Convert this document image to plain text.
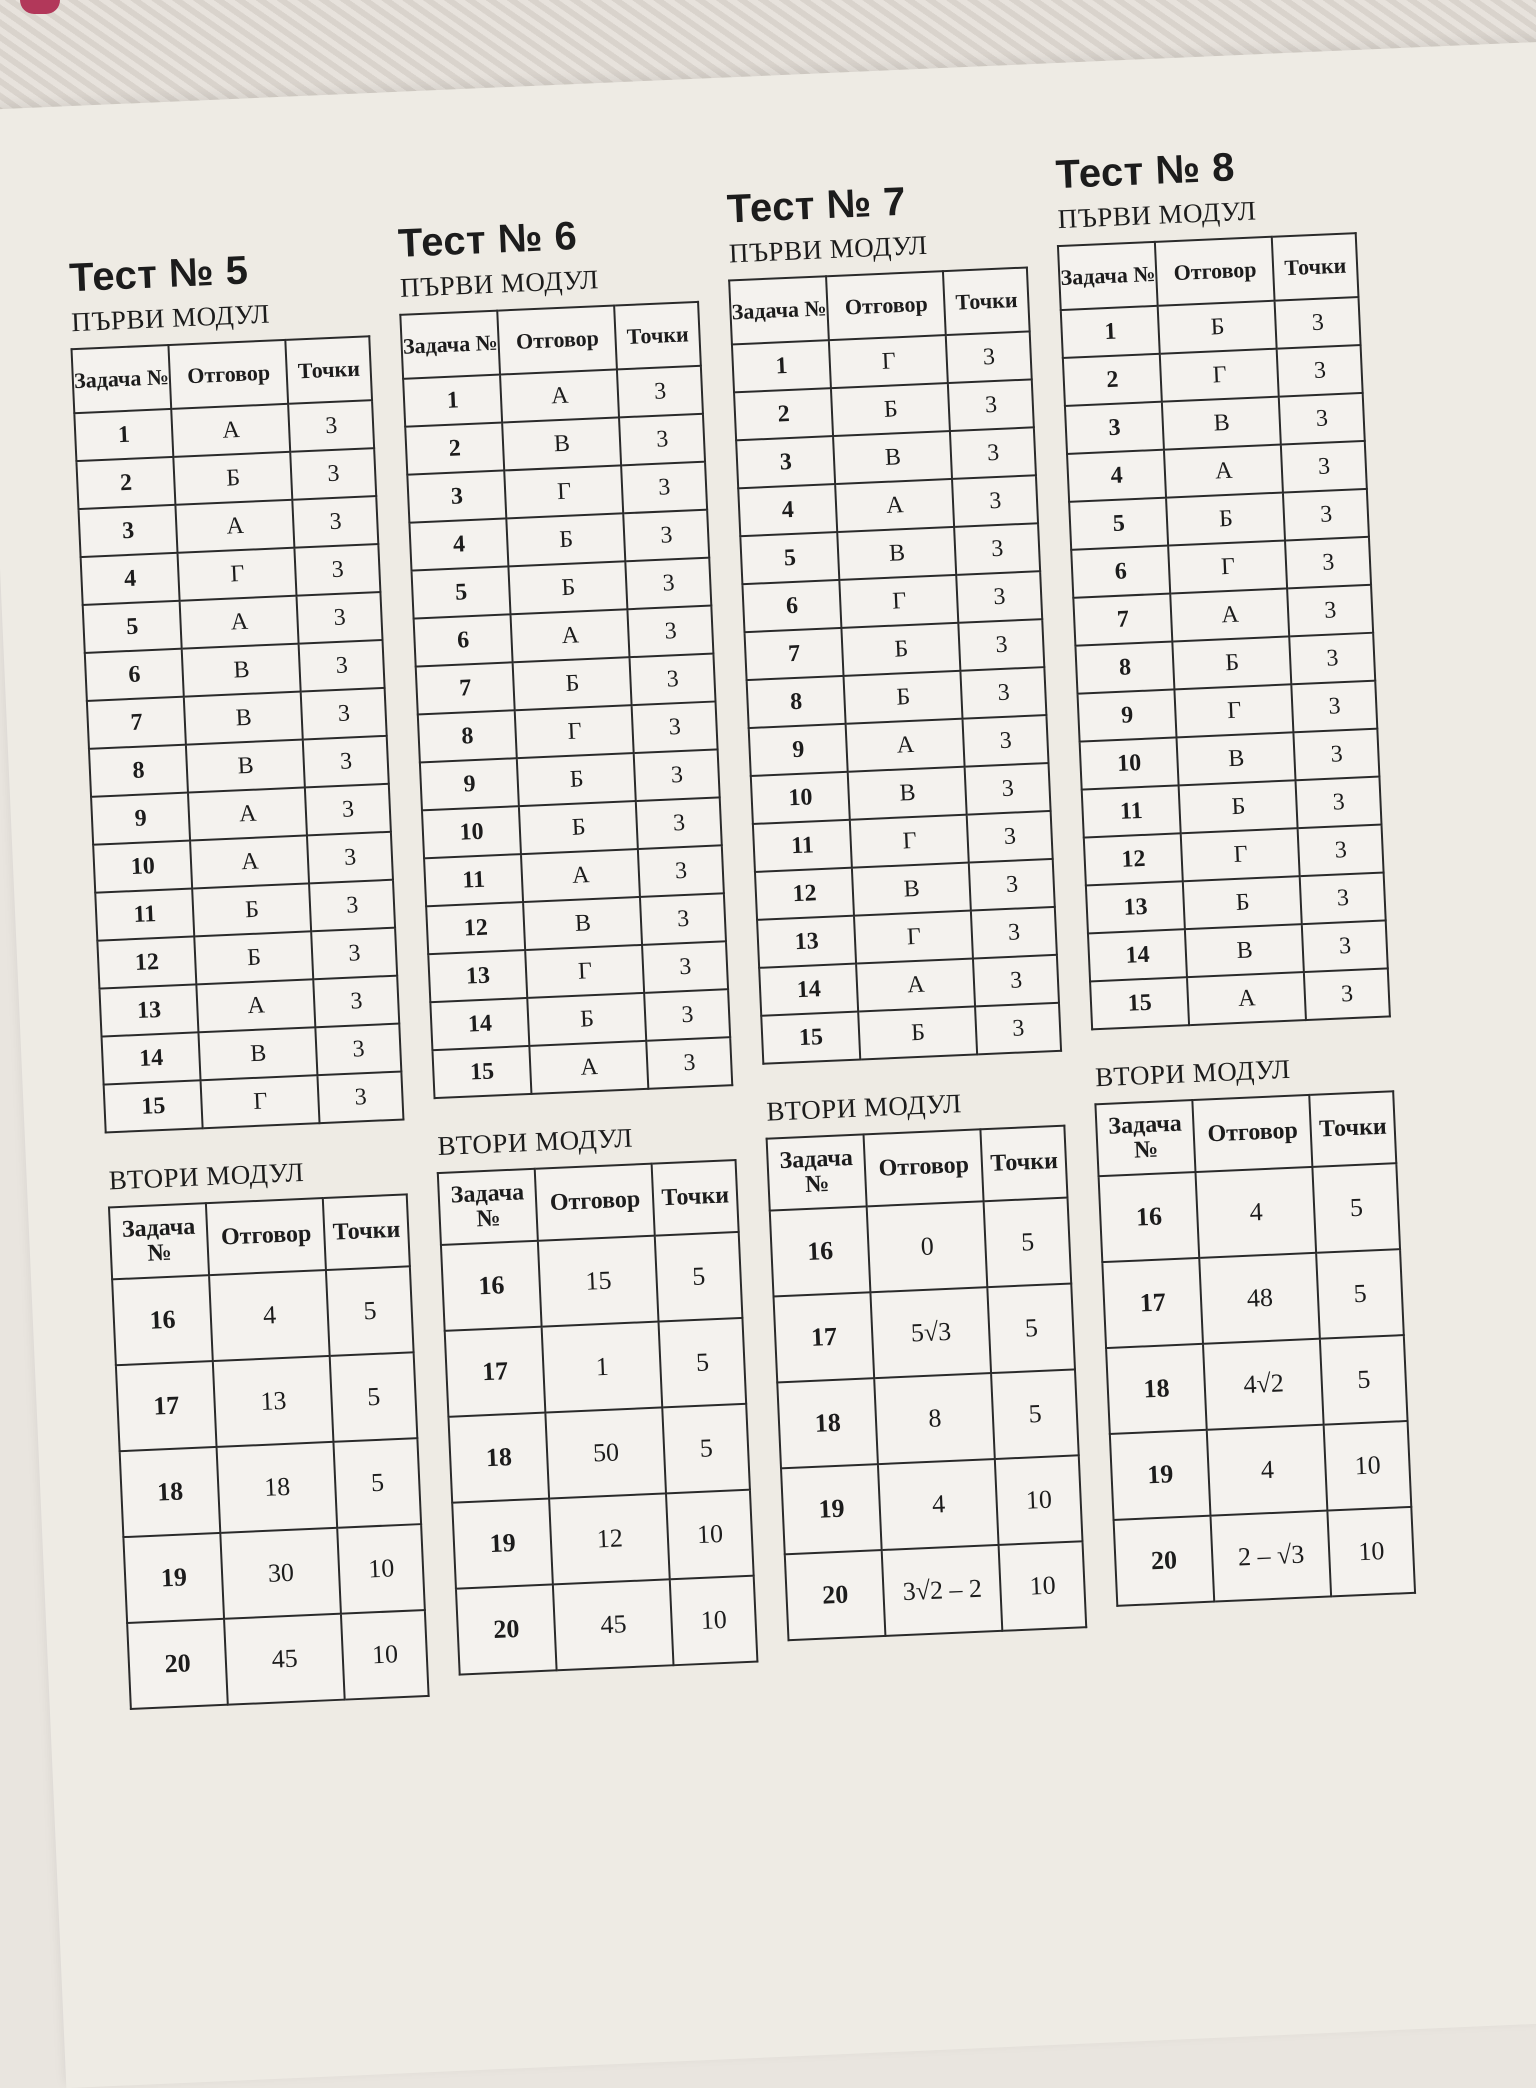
Тест № 5
ПЪРВИ МОДУЛ
Задача №	Отговор	Точки
1	А	3
2	Б	3
3	А	3
4	Г	3
5	А	3
6	В	3
7	В	3
8	В	3
9	А	3
10	А	3
11	Б	3
12	Б	3
13	А	3
14	В	3
15	Г	3
ВТОРИ МОДУЛ
Задача №	Отговор	Точки
16	4	5
17	13	5
18	18	5
19	30	10
20	45	10
Тест № 6
ПЪРВИ МОДУЛ
Задача №	Отговор	Точки
1	А	3
2	В	3
3	Г	3
4	Б	3
5	Б	3
6	А	3
7	Б	3
8	Г	3
9	Б	3
10	Б	3
11	А	3
12	В	3
13	Г	3
14	Б	3
15	А	3
ВТОРИ МОДУЛ
Задача №	Отговор	Точки
16	15	5
17	1	5
18	50	5
19	12	10
20	45	10
Тест № 7
ПЪРВИ МОДУЛ
Задача №	Отговор	Точки
1	Г	3
2	Б	3
3	В	3
4	А	3
5	В	3
6	Г	3
7	Б	3
8	Б	3
9	А	3
10	В	3
11	Г	3
12	В	3
13	Г	3
14	А	3
15	Б	3
ВТОРИ МОДУЛ
Задача №	Отговор	Точки
16	0	5
17	5√3	5
18	8	5
19	4	10
20	3√2 – 2	10
Тест № 8
ПЪРВИ МОДУЛ
Задача №	Отговор	Точки
1	Б	3
2	Г	3
3	В	3
4	А	3
5	Б	3
6	Г	3
7	А	3
8	Б	3
9	Г	3
10	В	3
11	Б	3
12	Г	3
13	Б	3
14	В	3
15	А	3
ВТОРИ МОДУЛ
Задача №	Отговор	Точки
16	4	5
17	48	5
18	4√2	5
19	4	10
20	2 – √3	10
